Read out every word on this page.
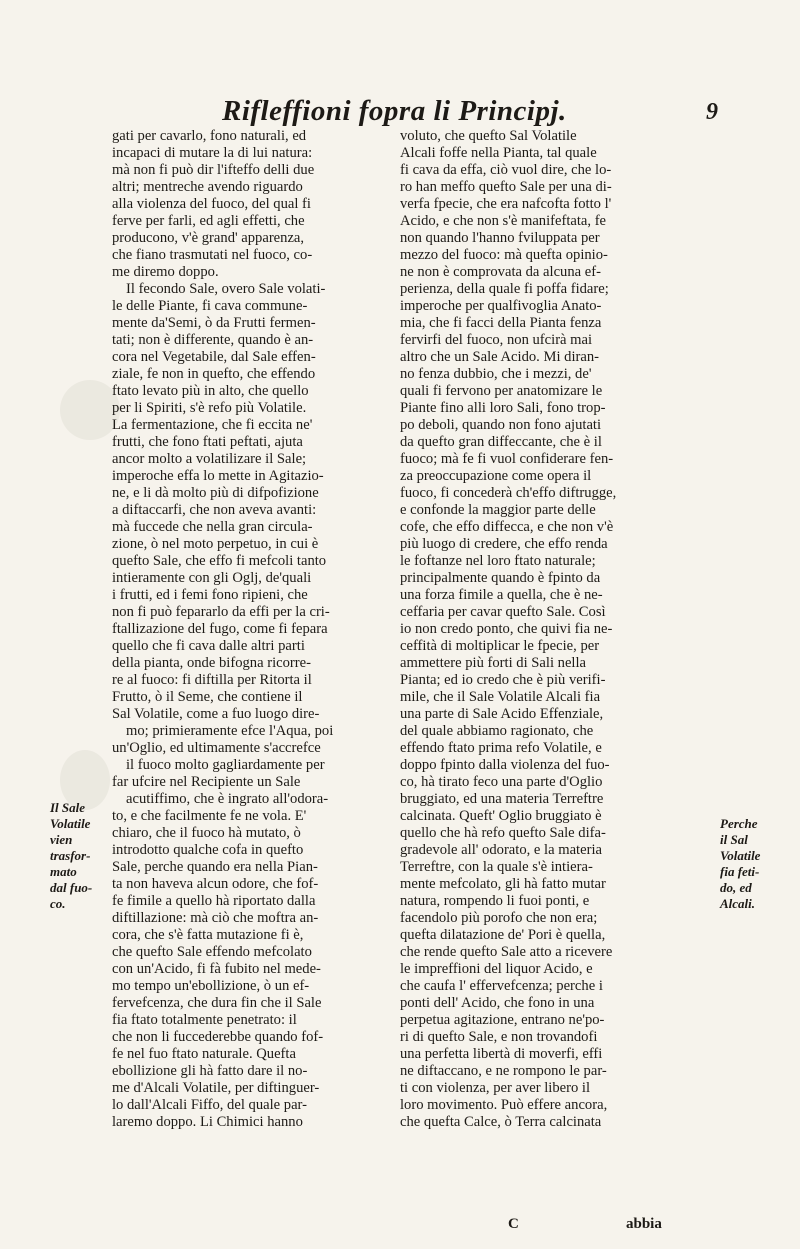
Rifleffioni fopra li Principj.	9
gati per cavarlo, fono naturali, ed
incapaci di mutare la di lui natura:
mà non fi può dir l'ifteffo delli due
altri; mentreche avendo riguardo
alla violenza del fuoco, del qual fi
ferve per farli, ed agli effetti, che
producono, v'è grand' apparenza,
che fiano trasmutati nel fuoco, co-
me diremo doppo.
Il fecondo Sale, overo Sale volati-
le delle Piante, fi cava commune-
mente da'Semi, ò da Frutti fermen-
tati; non è differente, quando è an-
cora nel Vegetabile, dal Sale effen-
ziale, fe non in quefto, che effendo
ftato levato più in alto, che quello
per li Spiriti, s'è refo più Volatile.
La fermentazione, che fi eccita ne'
frutti, che fono ftati peftati, ajuta
ancor molto a volatilizare il Sale;
imperoche effa lo mette in Agitazio-
ne, e li dà molto più di difpofizione
a diftaccarfi, che non aveva avanti:
mà fuccede che nella gran circula-
zione, ò nel moto perpetuo, in cui è
quefto Sale, che effo fi mefcoli tanto
intieramente con gli Oglj, de'quali
i frutti, ed i femi fono ripieni, che
non fi può fepararlo da effi per la cri-
ftallizazione del fugo, come fi fepara
quello che fi cava dalle altri parti
della pianta, onde bifogna ricorre-
re al fuoco: fi diftilla per Ritorta il
Frutto, ò il Seme, che contiene il
Sal Volatile, come a fuo luogo dire-
mo; primieramente efce l'Aqua, poi
un'Oglio, ed ultimamente s'accrefce
il fuoco molto gagliardamente per
far ufcire nel Recipiente un Sale
acutiffimo, che è ingrato all'odora-
to, e che facilmente fe ne vola. E'
chiaro, che il fuoco hà mutato, ò
introdotto qualche cofa in quefto
Sale, perche quando era nella Pian-
ta non haveva alcun odore, che fof-
fe fimile a quello hà riportato dalla
diftillazione: mà ciò che moftra an-
cora, che s'è fatta mutazione fi è,
che quefto Sale effendo mefcolato
con un'Acido, fi fà fubito nel mede-
mo tempo un'ebollizione, ò un ef-
fervefcenza, che dura fin che il Sale
fia ftato totalmente penetrato: il
che non li fuccederebbe quando fof-
fe nel fuo ftato naturale. Quefta
ebollizione gli hà fatto dare il no-
me d'Alcali Volatile, per diftinguer-
lo dall'Alcali Fiffo, del quale par-
laremo doppo. Li Chimici hanno
voluto, che quefto Sal Volatile
Alcali foffe nella Pianta, tal quale
fi cava da effa, ciò vuol dire, che lo-
ro han meffo quefto Sale per una di-
verfa fpecie, che era nafcofta fotto l'
Acido, e che non s'è manifeftata, fe
non quando l'hanno fviluppata per
mezzo del fuoco: mà quefta opinio-
ne non è comprovata da alcuna ef-
perienza, della quale fi poffa fidare;
imperoche per qualfivoglia Anato-
mia, che fi facci della Pianta fenza
fervirfi del fuoco, non ufcirà mai
altro che un Sale Acido. Mi diran-
no fenza dubbio, che i mezzi, de'
quali fi fervono per anatomizare le
Piante fino alli loro Sali, fono trop-
po deboli, quando non fono ajutati
da quefto gran diffeccante, che è il
fuoco; mà fe fi vuol confiderare fen-
za preoccupazione come opera il
fuoco, fi concederà ch'effo diftrugge,
e confonde la maggior parte delle
cofe, che effo diffecca, e che non v'è
più luogo di credere, che effo renda
le foftanze nel loro ftato naturale;
principalmente quando è fpinto da
una forza fimile a quella, che è ne-
ceffaria per cavar quefto Sale. Così
io non credo ponto, che quivi fia ne-
ceffità di moltiplicar le fpecie, per
ammettere più forti di Sali nella
Pianta; ed io credo che è più verifi-
mile, che il Sale Volatile Alcali fia
una parte di Sale Acido Effenziale,
del quale abbiamo ragionato, che
effendo ftato prima refo Volatile, e
doppo fpinto dalla violenza del fuo-
co, hà tirato feco una parte d'Oglio
bruggiato, ed una materia Terreftre
calcinata. Queft' Oglio bruggiato è
quello che hà refo quefto Sale difa-
gradevole all' odorato, e la materia
Terreftre, con la quale s'è intiera-
mente mefcolato, gli hà fatto mutar
natura, rompendo li fuoi ponti, e
facendolo più porofo che non era;
quefta dilatazione de' Pori è quella,
che rende quefto Sale atto a ricevere
le impreffioni del liquor Acido, e
che caufa l' effervefcenza; perche i
ponti dell' Acido, che fono in una
perpetua agitazione, entrano ne'po-
ri di quefto Sale, e non trovandofi
una perfetta libertà di moverfi, effi
ne diftaccano, e ne rompono le par-
ti con violenza, per aver libero il
loro movimento. Può effere ancora,
che quefta Calce, ò Terra calcinata
Il Sale
Volatile
vien
trasfor-
mato
dal fuo-
co.
Perche
il Sal
Volatile
fia feti-
do, ed
Alcali.
C	abbia
